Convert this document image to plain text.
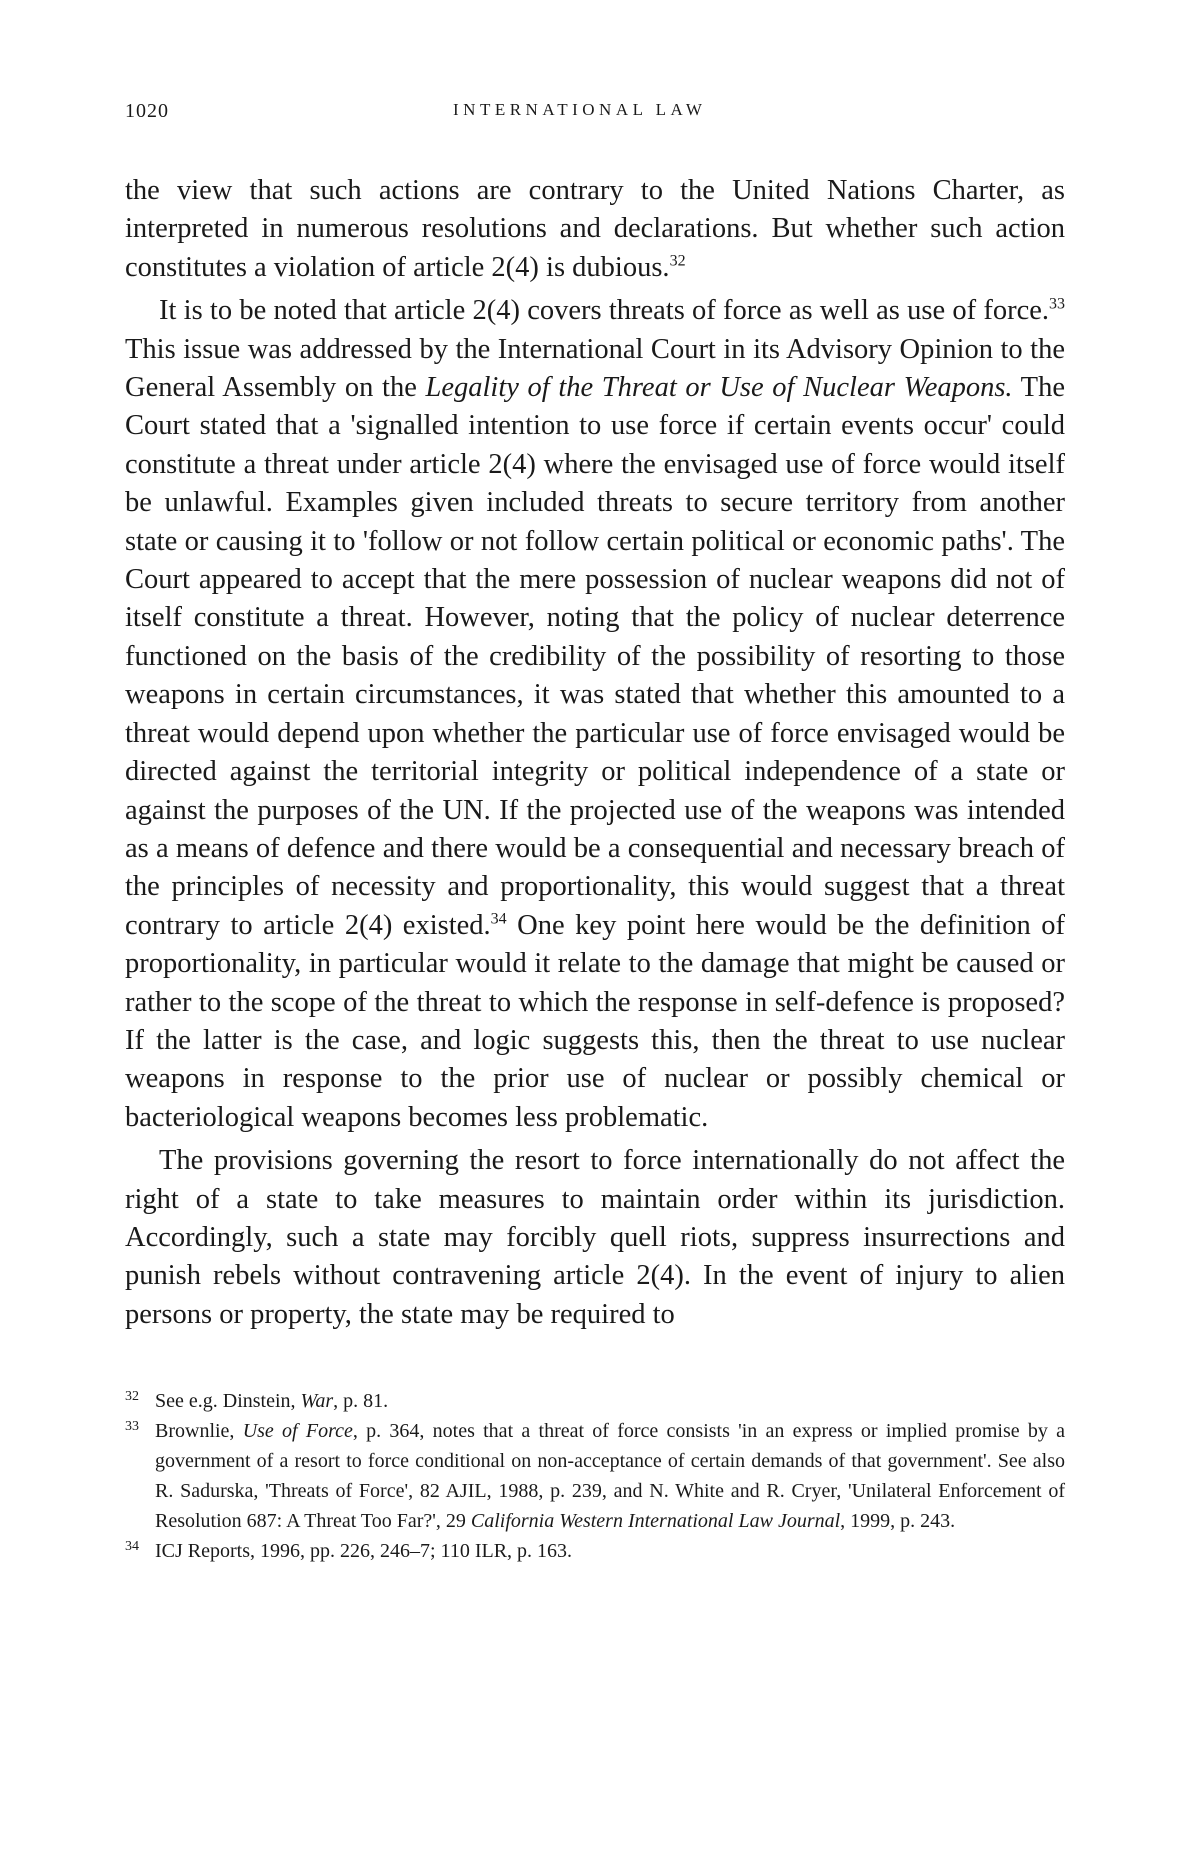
1020	INTERNATIONAL LAW

the view that such actions are contrary to the United Nations Charter, as interpreted in numerous resolutions and declarations. But whether such action constitutes a violation of article 2(4) is dubious.$^{32}$

It is to be noted that article 2(4) covers threats of force as well as use of force.$^{33}$ This issue was addressed by the International Court in its Advisory Opinion to the General Assembly on the Legality of the Threat or Use of Nuclear Weapons. The Court stated that a 'signalled intention to use force if certain events occur' could constitute a threat under article 2(4) where the envisaged use of force would itself be unlawful. Examples given included threats to secure territory from another state or causing it to 'follow or not follow certain political or economic paths'. The Court appeared to accept that the mere possession of nuclear weapons did not of itself constitute a threat. However, noting that the policy of nuclear deterrence functioned on the basis of the credibility of the possibility of resorting to those weapons in certain circumstances, it was stated that whether this amounted to a threat would depend upon whether the particular use of force envisaged would be directed against the territorial integrity or political independence of a state or against the purposes of the UN. If the projected use of the weapons was intended as a means of defence and there would be a consequential and necessary breach of the principles of necessity and proportionality, this would suggest that a threat contrary to article 2(4) existed.$^{34}$ One key point here would be the definition of proportionality, in particular would it relate to the damage that might be caused or rather to the scope of the threat to which the response in self-defence is proposed? If the latter is the case, and logic suggests this, then the threat to use nuclear weapons in response to the prior use of nuclear or possibly chemical or bacteriological weapons becomes less problematic.

The provisions governing the resort to force internationally do not affect the right of a state to take measures to maintain order within its jurisdiction. Accordingly, such a state may forcibly quell riots, suppress insurrections and punish rebels without contravening article 2(4). In the event of injury to alien persons or property, the state may be required to

32 See e.g. Dinstein, War, p. 81.
33 Brownlie, Use of Force, p. 364, notes that a threat of force consists 'in an express or implied promise by a government of a resort to force conditional on non-acceptance of certain demands of that government'. See also R. Sadurska, 'Threats of Force', 82 AJIL, 1988, p. 239, and N. White and R. Cryer, 'Unilateral Enforcement of Resolution 687: A Threat Too Far?', 29 California Western International Law Journal, 1999, p. 243.
34 ICJ Reports, 1996, pp. 226, 246–7; 110 ILR, p. 163.
